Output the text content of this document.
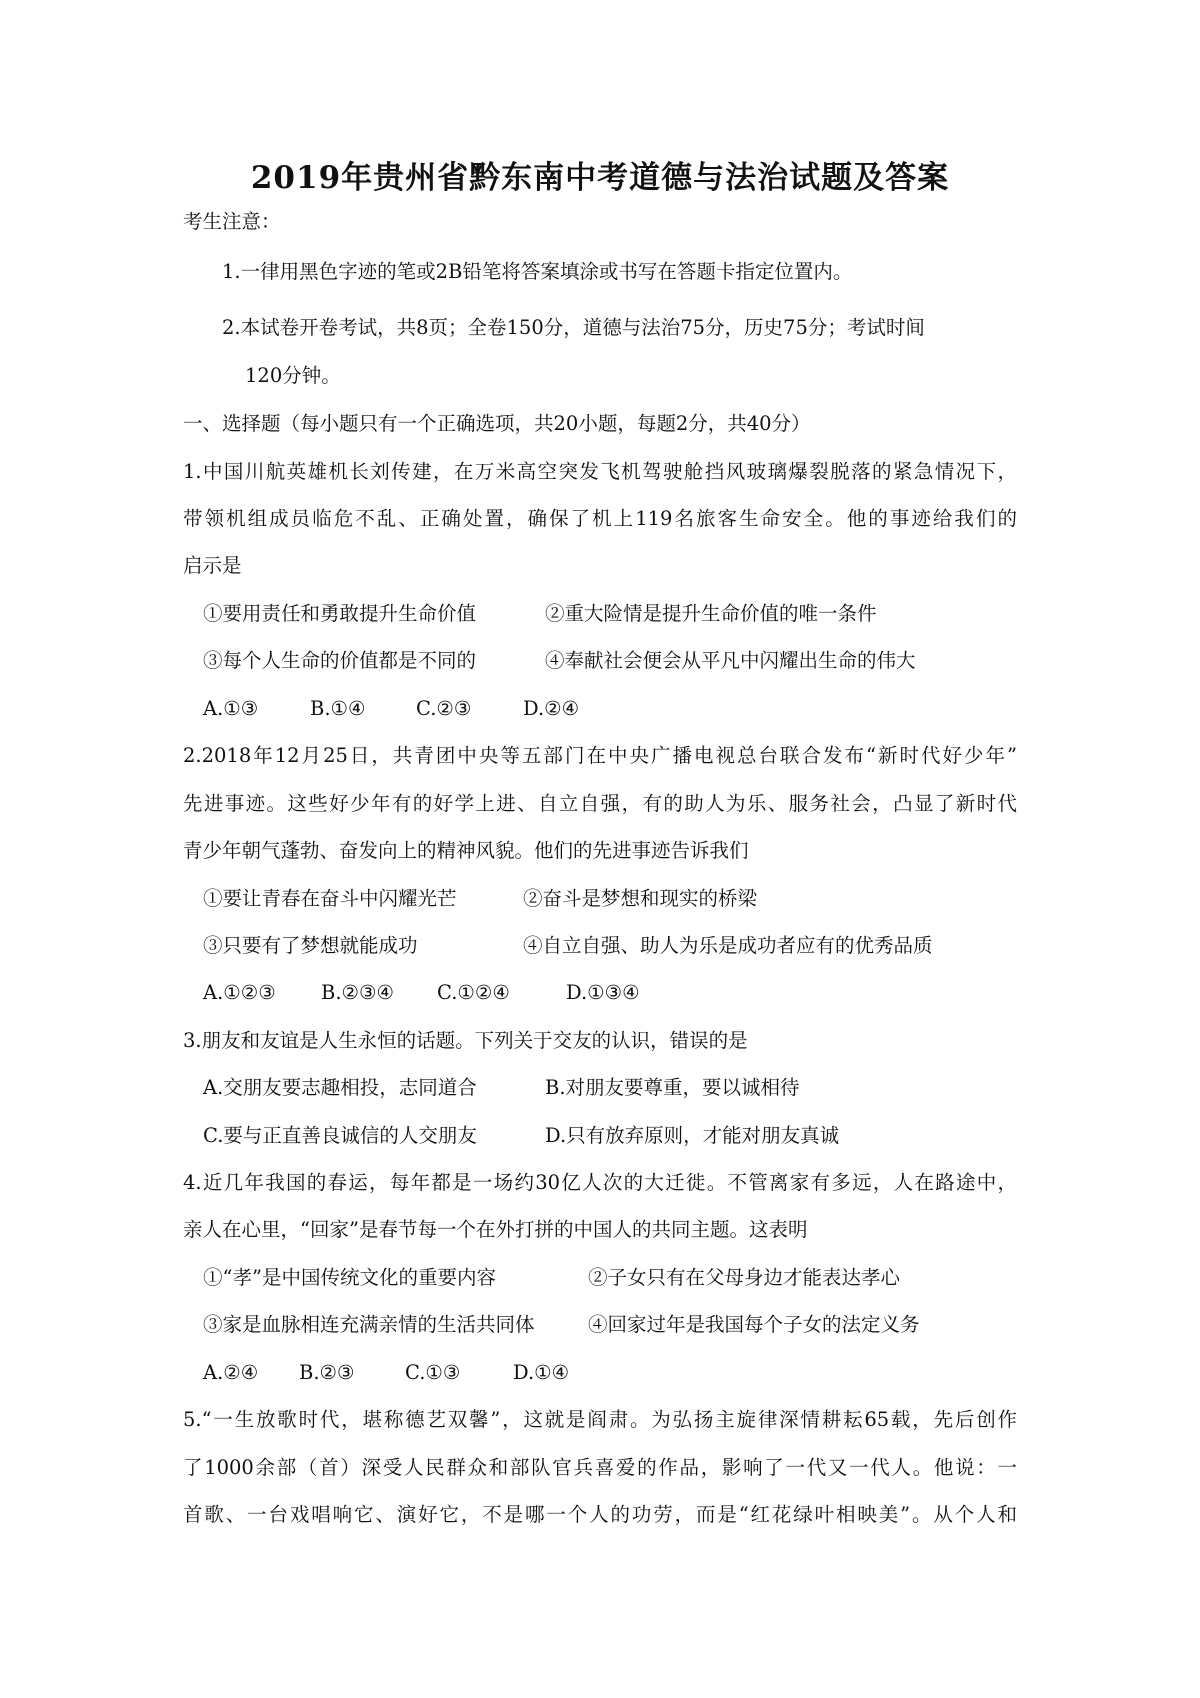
2019年贵州省黔东南中考道德与法治试题及答案
考生注意：
1.一律用黑色字迹的笔或2B铅笔将答案填涂或书写在答题卡指定位置内。
2.本试卷开卷考试，共8页；全卷150分，道德与法治75分，历史75分；考试时间
120分钟。
一、选择题（每小题只有一个正确选项，共20小题，每题2分，共40分）
1.中国川航英雄机长刘传建，在万米高空突发飞机驾驶舱挡风玻璃爆裂脱落的紧急情况下，
带领机组成员临危不乱、正确处置，确保了机上119名旅客生命安全。他的事迹给我们的
启示是
①要用责任和勇敢提升生命价值	②重大险情是提升生命价值的唯一条件
③每个人生命的价值都是不同的	④奉献社会便会从平凡中闪耀出生命的伟大
A.①③	B.①④	C.②③	D.②④
2.2018年12月25日，共青团中央等五部门在中央广播电视总台联合发布“新时代好少年”
先进事迹。这些好少年有的好学上进、自立自强，有的助人为乐、服务社会，凸显了新时代
青少年朝气蓬勃、奋发向上的精神风貌。他们的先进事迹告诉我们
①要让青春在奋斗中闪耀光芒	②奋斗是梦想和现实的桥梁
③只要有了梦想就能成功	④自立自强、助人为乐是成功者应有的优秀品质
A.①②③ B.②③④ C.①②④	D.①③④
3.朋友和友谊是人生永恒的话题。下列关于交友的认识，错误的是
A.交朋友要志趣相投，志同道合	B.对朋友要尊重，要以诚相待
C.要与正直善良诚信的人交朋友	D.只有放弃原则，才能对朋友真诚
4.近几年我国的春运，每年都是一场约30亿人次的大迁徙。不管离家有多远，人在路途中，
亲人在心里，“回家”是春节每一个在外打拼的中国人的共同主题。这表明
①“孝”是中国传统文化的重要内容	②子女只有在父母身边才能表达孝心
③家是血脉相连充满亲情的生活共同体	④回家过年是我国每个子女的法定义务
A.②④ B.②③	C.①③	D.①④
5.“一生放歌时代，堪称德艺双馨”，这就是阎肃。为弘扬主旋律深情耕耘65载，先后创作
了1000余部（首）深受人民群众和部队官兵喜爱的作品，影响了一代又一代人。他说：一
首歌、一台戏唱响它、演好它，不是哪一个人的功劳，而是“红花绿叶相映美”。从个人和
